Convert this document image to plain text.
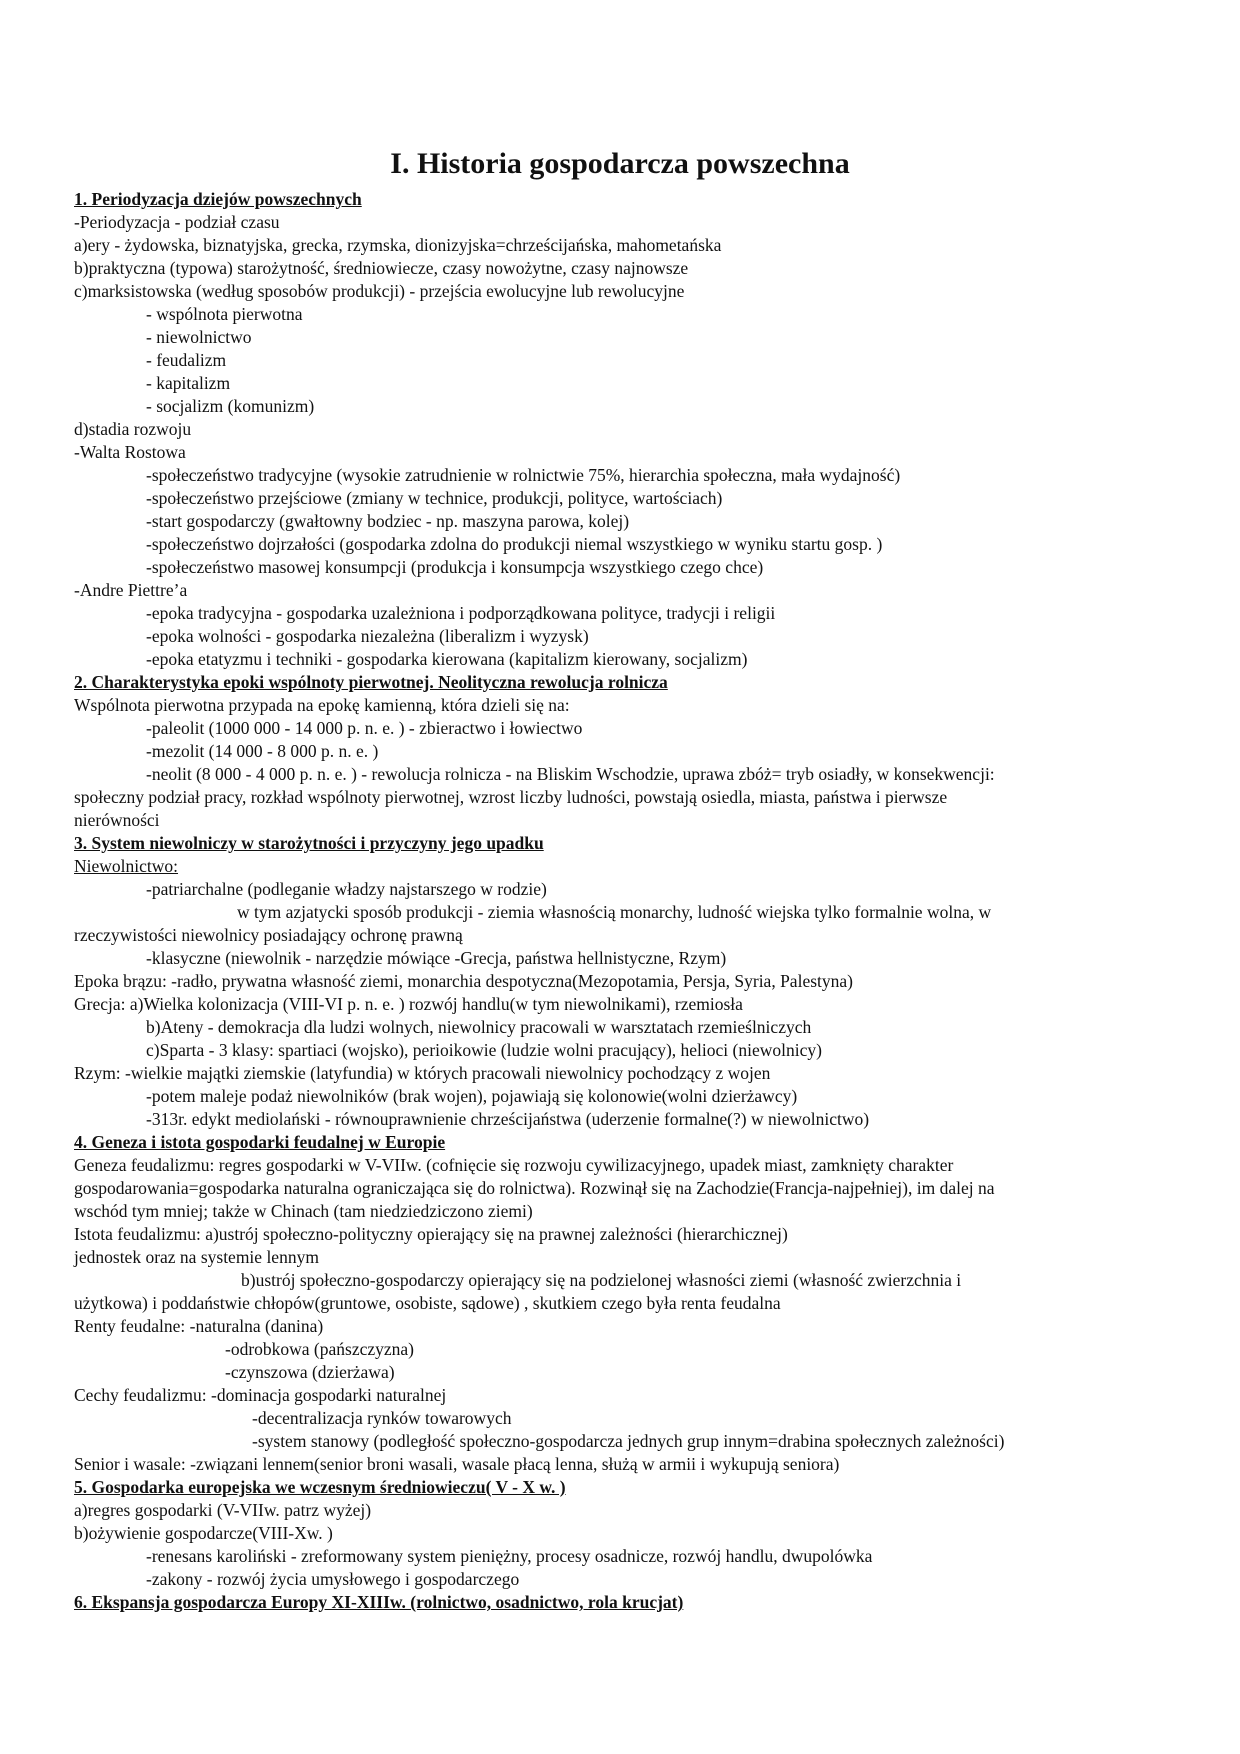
I. Historia gospodarcza powszechna
1. Periodyzacja dziejów powszechnych
-Periodyzacja - podział czasu
a)ery - żydowska, biznatyjska, grecka, rzymska, dionizyjska=chrześcijańska, mahometańska
b)praktyczna (typowa) starożytność, średniowiecze, czasy nowożytne, czasy najnowsze
c)marksistowska (według sposobów produkcji) - przejścia ewolucyjne lub rewolucyjne
- wspólnota pierwotna
- niewolnictwo
- feudalizm
- kapitalizm
- socjalizm (komunizm)
d)stadia rozwoju
-Walta Rostowa
-społeczeństwo tradycyjne (wysokie zatrudnienie w rolnictwie 75%, hierarchia społeczna, mała wydajność)
-społeczeństwo przejściowe (zmiany w technice, produkcji, polityce, wartościach)
-start gospodarczy (gwałtowny bodziec - np. maszyna parowa, kolej)
-społeczeństwo dojrzałości (gospodarka zdolna do produkcji niemal wszystkiego w wyniku startu gosp. )
-społeczeństwo masowej konsumpcji (produkcja i konsumpcja wszystkiego czego chce)
-Andre Piettre’a
-epoka tradycyjna - gospodarka uzależniona i podporządkowana polityce, tradycji i religii
-epoka wolności - gospodarka niezależna (liberalizm i wyzysk)
-epoka etatyzmu i techniki - gospodarka kierowana (kapitalizm kierowany, socjalizm)
2. Charakterystyka epoki wspólnoty pierwotnej. Neolityczna rewolucja rolnicza
Wspólnota pierwotna przypada na epokę kamienną, która dzieli się na:
-paleolit (1000 000 - 14 000 p. n. e. ) - zbieractwo i łowiectwo
-mezolit (14 000 - 8 000 p. n. e. )
-neolit (8 000 - 4 000 p. n. e. ) - rewolucja rolnicza - na Bliskim Wschodzie, uprawa zbóż= tryb osiadły, w konsekwencji:
społeczny podział pracy, rozkład wspólnoty pierwotnej, wzrost liczby ludności, powstają osiedla, miasta, państwa i pierwsze
nierówności
3. System niewolniczy w starożytności i przyczyny jego upadku
Niewolnictwo:
-patriarchalne (podleganie władzy najstarszego w rodzie)
w tym azjatycki sposób produkcji - ziemia własnością monarchy, ludność wiejska tylko formalnie wolna, w
rzeczywistości niewolnicy posiadający ochronę prawną
-klasyczne (niewolnik - narzędzie mówiące -Grecja, państwa hellnistyczne, Rzym)
Epoka brązu: -radło, prywatna własność ziemi, monarchia despotyczna(Mezopotamia, Persja, Syria, Palestyna)
Grecja: a)Wielka kolonizacja (VIII-VI p. n. e. ) rozwój handlu(w tym niewolnikami), rzemiosła
b)Ateny - demokracja dla ludzi wolnych, niewolnicy pracowali w warsztatach rzemieślniczych
c)Sparta - 3 klasy: spartiaci (wojsko), perioikowie (ludzie wolni pracujący), helioci (niewolnicy)
Rzym: -wielkie majątki ziemskie (latyfundia) w których pracowali niewolnicy pochodzący z wojen
-potem maleje podaż niewolników (brak wojen), pojawiają się kolonowie(wolni dzierżawcy)
-313r. edykt mediolański - równouprawnienie chrześcijaństwa (uderzenie formalne(?) w niewolnictwo)
4. Geneza i istota gospodarki feudalnej w Europie
Geneza feudalizmu: regres gospodarki w V-VIIw. (cofnięcie się rozwoju cywilizacyjnego, upadek miast, zamknięty charakter
gospodarowania=gospodarka naturalna ograniczająca się do rolnictwa). Rozwinął się na Zachodzie(Francja-najpełniej), im dalej na
wschód tym mniej; także w Chinach (tam niedziedziczono ziemi)
Istota feudalizmu: a)ustrój społeczno-polityczny opierający się na prawnej zależności (hierarchicznej)
jednostek oraz na systemie lennym
b)ustrój społeczno-gospodarczy opierający się na podzielonej własności ziemi (własność zwierzchnia i
użytkowa) i poddaństwie chłopów(gruntowe, osobiste, sądowe) , skutkiem czego była renta feudalna
Renty feudalne: -naturalna (danina)
-odrobkowa (pańszczyzna)
-czynszowa (dzierżawa)
Cechy feudalizmu: -dominacja gospodarki naturalnej
-decentralizacja rynków towarowych
-system stanowy (podległość społeczno-gospodarcza jednych grup innym=drabina społecznych zależności)
Senior i wasale: -związani lennem(senior broni wasali, wasale płacą lenna, służą w armii i wykupują seniora)
5. Gospodarka europejska we wczesnym średniowieczu( V - X w. )
a)regres gospodarki (V-VIIw. patrz wyżej)
b)ożywienie gospodarcze(VIII-Xw. )
-renesans karoliński - zreformowany system pieniężny, procesy osadnicze, rozwój handlu, dwupolówka
-zakony - rozwój życia umysłowego i gospodarczego
6. Ekspansja gospodarcza Europy XI-XIIIw. (rolnictwo, osadnictwo, rola krucjat)
